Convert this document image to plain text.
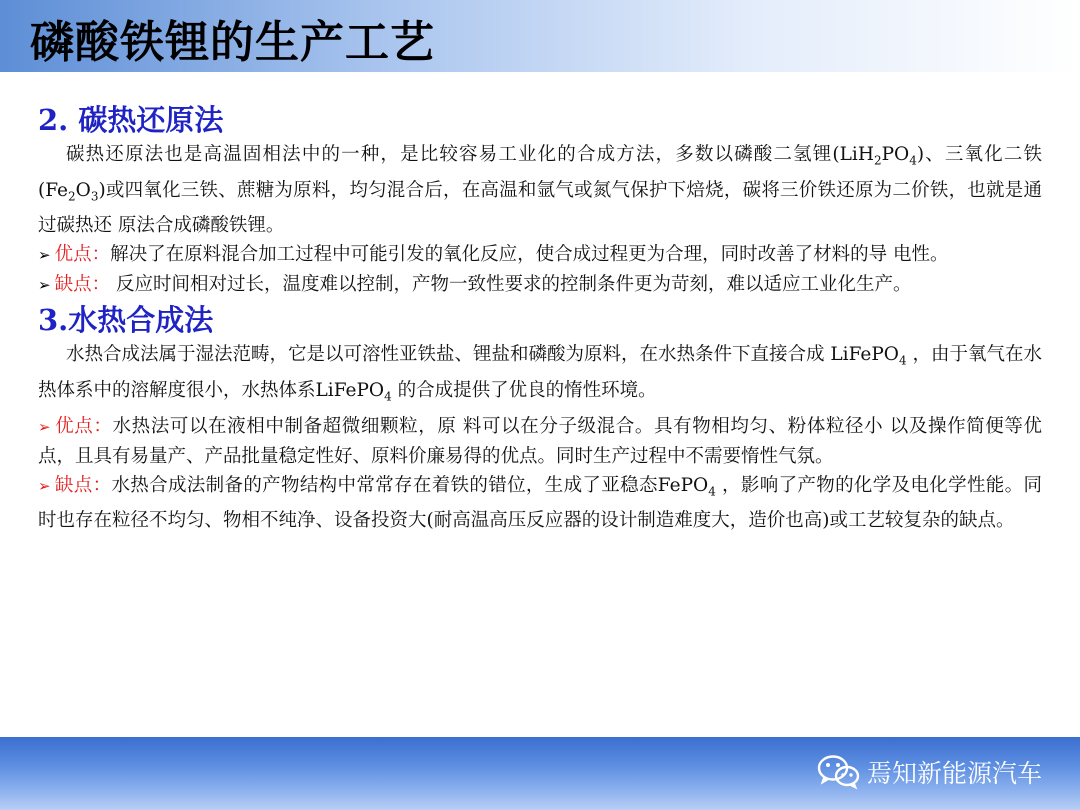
磷酸铁锂的生产工艺
2. 碳热还原法

碳热还原法也是高温固相法中的一种，是比较容易工业化的合成方法，多数以磷酸二氢锂$(LiH_2PO_4)$、三氧化二铁$(Fe_2O_3)$或四氧化三铁、蔗糖为原料，均匀混合后，在高温和氩气或氮气保护下焙烧，碳将三价铁还原为二价铁，也就是通过碳热还 原法合成磷酸铁锂。

➢ 优点：解决了在原料混合加工过程中可能引发的氧化反应，使合成过程更为合理，同时改善了材料的导 电性。

➢ 缺点： 反应时间相对过长，温度难以控制，产物一致性要求的控制条件更为苛刻，难以适应工业化生产。

3.水热合成法

水热合成法属于湿法范畴，它是以可溶性亚铁盐、锂盐和磷酸为原料，在水热条件下直接合成 LiFePO$_4$ ，由于氧气在水热体系中的溶解度很小，水热体系LiFePO$_4$ 的合成提供了优良的惰性环境。

➢ 优点：水热法可以在液相中制备超微细颗粒，原 料可以在分子级混合。具有物相均匀、粉体粒径小 以及操作简便等优点，且具有易量产、产品批量稳定性好、原料价廉易得的优点。同时生产过程中不需要惰性气氛。

➢ 缺点：水热合成法制备的产物结构中常常存在着铁的错位，生成了亚稳态FePO$_4$ ，影响了产物的化学及电化学性能。同时也存在粒径不均匀、物相不纯净、设备投资大(耐高温高压反应器的设计制造难度大，造价也高)或工艺较复杂的缺点。

焉知新能源汽车
